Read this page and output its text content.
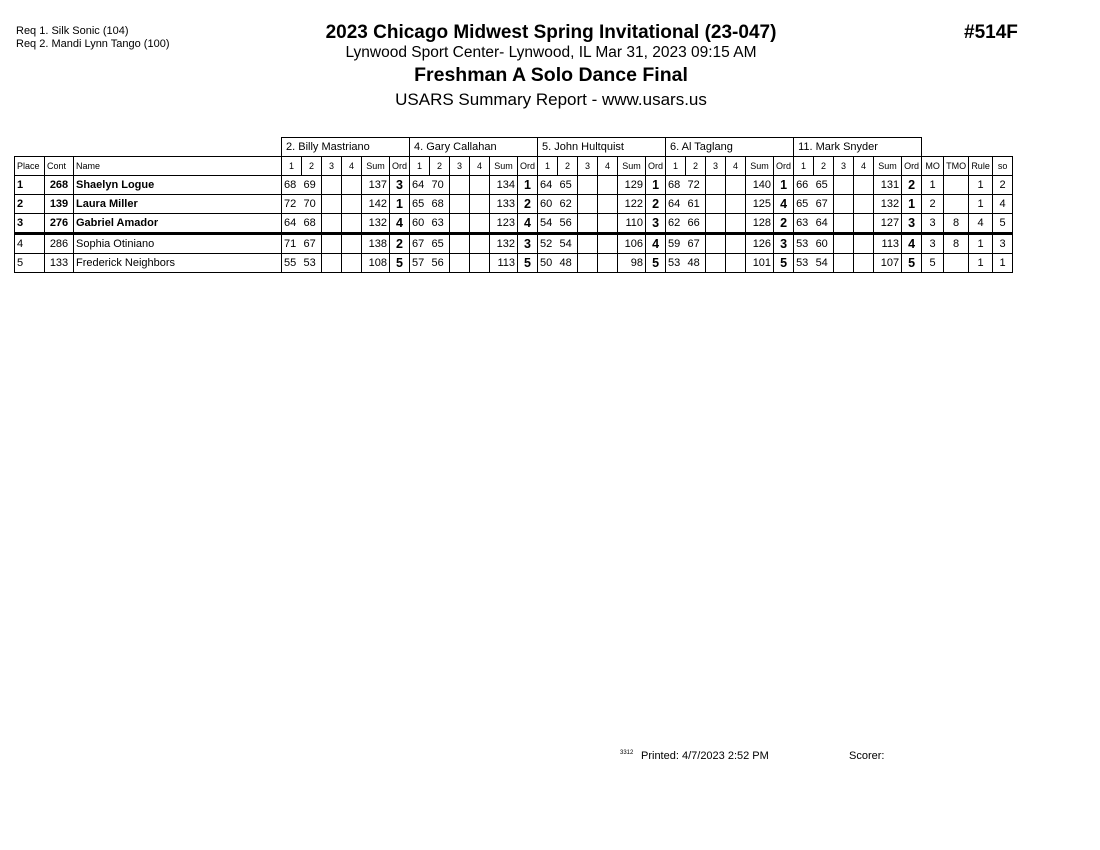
Req 1. Silk Sonic (104)
Req 2. Mandi Lynn Tango (100)
2023 Chicago Midwest Spring Invitational (23-047)
Lynwood Sport Center- Lynwood, IL Mar 31, 2023 09:15 AM
Freshman A Solo Dance Final
USARS Summary Report - www.usars.us
#514F
			2. Billy Mastriano						4. Gary Callahan						5. John Hultquist						6. Al Taglang						11. Mark Snyder									
Place	Cont	Name	1	2	3	4	Sum	Ord	1	2	3	4	Sum	Ord	1	2	3	4	Sum	Ord	1	2	3	4	Sum	Ord	1	2	3	4	Sum	Ord	MO	TMO	Rule	so
1	268	Shaelyn Logue	68	69			137	3	64	70			134	1	64	65			129	1	68	72			140	1	66	65			131	2	1		1	2
2	139	Laura Miller	72	70			142	1	65	68			133	2	60	62			122	2	64	61			125	4	65	67			132	1	2		1	4
3	276	Gabriel Amador	64	68			132	4	60	63			123	4	54	56			110	3	62	66			128	2	63	64			127	3	3	8	4	5
4	286	Sophia Otiniano	71	67			138	2	67	65			132	3	52	54			106	4	59	67			126	3	53	60			113	4	3	8	1	3
5	133	Frederick Neighbors	55	53			108	5	57	56			113	5	50	48			98	5	53	48			101	5	53	54			107	5	5		1	1
3312 Printed: 4/7/2023 2:52 PM	Scorer:
